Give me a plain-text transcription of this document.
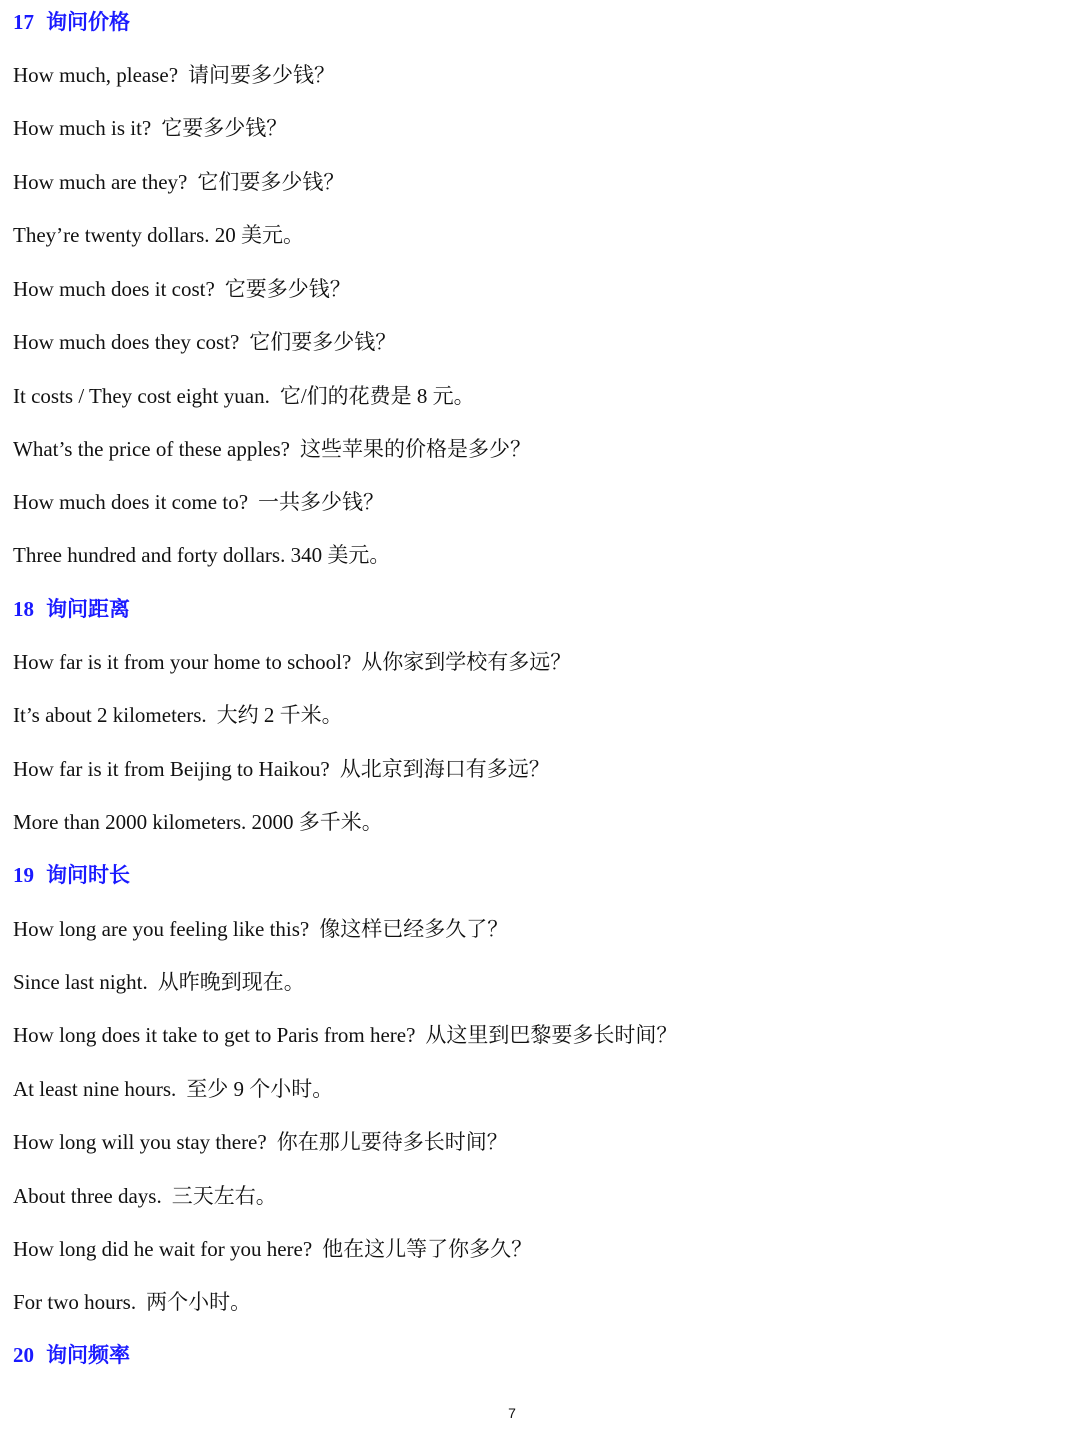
17 询问价格
How much, please? 请问要多少钱？
How much is it? 它要多少钱？
How much are they? 它们要多少钱？
They’re twenty dollars. 20 美元。
How much does it cost? 它要多少钱？
How much does they cost? 它们要多少钱？
It costs / They cost eight yuan. 它/们的花费是 8 元。
What’s the price of these apples? 这些苹果的价格是多少？
How much does it come to? 一共多少钱？
Three hundred and forty dollars. 340 美元。
18 询问距离
How far is it from your home to school? 从你家到学校有多远？
It’s about 2 kilometers. 大约 2 千米。
How far is it from Beijing to Haikou? 从北京到海口有多远？
More than 2000 kilometers. 2000 多千米。
19 询问时长
How long are you feeling like this? 像这样已经多久了？
Since last night. 从昨晚到现在。
How long does it take to get to Paris from here? 从这里到巴黎要多长时间？
At least nine hours. 至少 9 个小时。
How long will you stay there? 你在那儿要待多长时间？
About three days. 三天左右。
How long did he wait for you here? 他在这儿等了你多久？
For two hours. 两个小时。
20 询问频率
7
